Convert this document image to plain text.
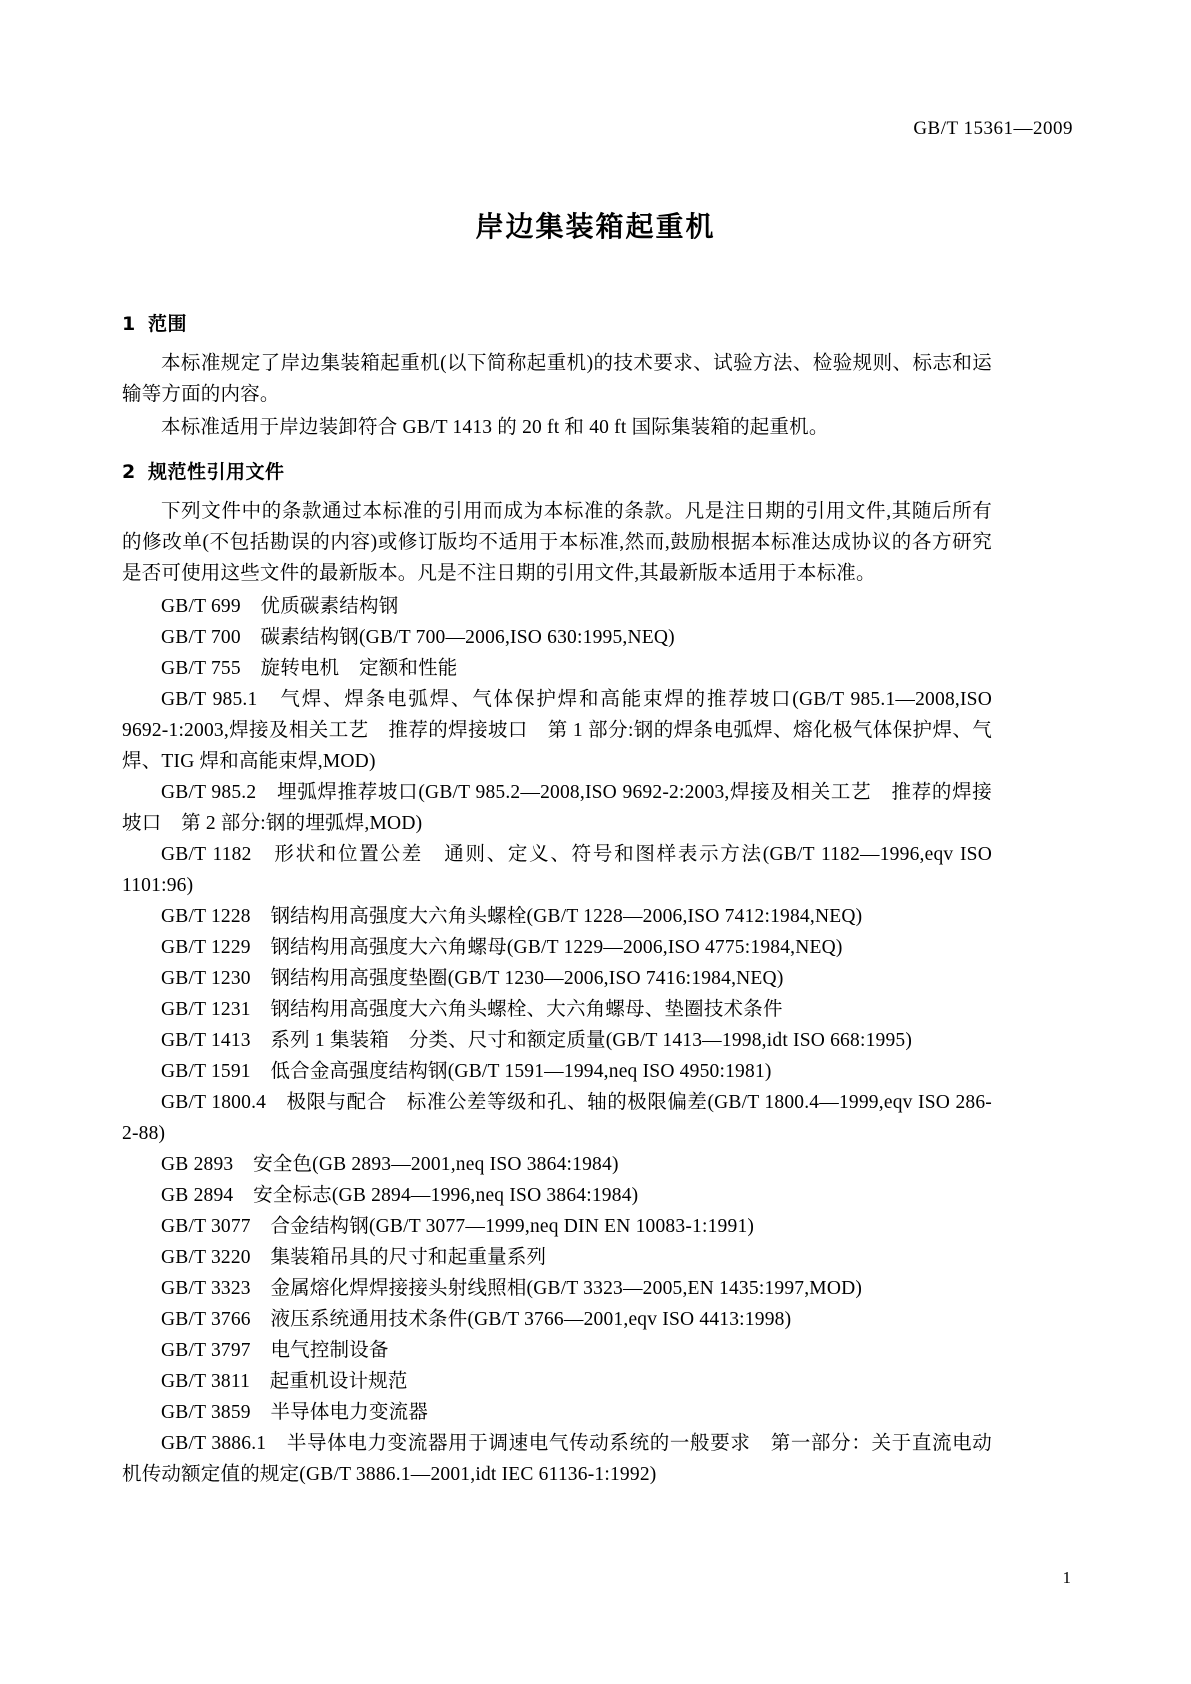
GB/T 15361—2009
岸边集装箱起重机
1 范围

本标准规定了岸边集装箱起重机(以下简称起重机)的技术要求、试验方法、检验规则、标志和运输等方面的内容。

本标准适用于岸边装卸符合 GB/T 1413 的 20 ft 和 40 ft 国际集装箱的起重机。

2 规范性引用文件

下列文件中的条款通过本标准的引用而成为本标准的条款。凡是注日期的引用文件,其随后所有的修改单(不包括勘误的内容)或修订版均不适用于本标准,然而,鼓励根据本标准达成协议的各方研究是否可使用这些文件的最新版本。凡是不注日期的引用文件,其最新版本适用于本标准。

GB/T 699　优质碳素结构钢

GB/T 700　碳素结构钢(GB/T 700—2006,ISO 630:1995,NEQ)

GB/T 755　旋转电机　定额和性能

GB/T 985.1　气焊、焊条电弧焊、气体保护焊和高能束焊的推荐坡口(GB/T 985.1—2008,ISO 9692-1:2003,焊接及相关工艺　推荐的焊接坡口　第 1 部分:钢的焊条电弧焊、熔化极气体保护焊、气焊、TIG 焊和高能束焊,MOD)

GB/T 985.2　埋弧焊推荐坡口(GB/T 985.2—2008,ISO 9692-2:2003,焊接及相关工艺　推荐的焊接坡口　第 2 部分:钢的埋弧焊,MOD)

GB/T 1182　形状和位置公差　通则、定义、符号和图样表示方法(GB/T 1182—1996,eqv ISO 1101:96)

GB/T 1228　钢结构用高强度大六角头螺栓(GB/T 1228—2006,ISO 7412:1984,NEQ)

GB/T 1229　钢结构用高强度大六角螺母(GB/T 1229—2006,ISO 4775:1984,NEQ)

GB/T 1230　钢结构用高强度垫圈(GB/T 1230—2006,ISO 7416:1984,NEQ)

GB/T 1231　钢结构用高强度大六角头螺栓、大六角螺母、垫圈技术条件

GB/T 1413　系列 1 集装箱　分类、尺寸和额定质量(GB/T 1413—1998,idt ISO 668:1995)

GB/T 1591　低合金高强度结构钢(GB/T 1591—1994,neq ISO 4950:1981)

GB/T 1800.4　极限与配合　标准公差等级和孔、轴的极限偏差(GB/T 1800.4—1999,eqv ISO 286-2-88)

GB 2893　安全色(GB 2893—2001,neq ISO 3864:1984)

GB 2894　安全标志(GB 2894—1996,neq ISO 3864:1984)

GB/T 3077　合金结构钢(GB/T 3077—1999,neq DIN EN 10083-1:1991)

GB/T 3220　集装箱吊具的尺寸和起重量系列

GB/T 3323　金属熔化焊焊接接头射线照相(GB/T 3323—2005,EN 1435:1997,MOD)

GB/T 3766　液压系统通用技术条件(GB/T 3766—2001,eqv ISO 4413:1998)

GB/T 3797　电气控制设备

GB/T 3811　起重机设计规范

GB/T 3859　半导体电力变流器

GB/T 3886.1　半导体电力变流器用于调速电气传动系统的一般要求　第一部分：关于直流电动机传动额定值的规定(GB/T 3886.1—2001,idt IEC 61136-1:1992)

1
